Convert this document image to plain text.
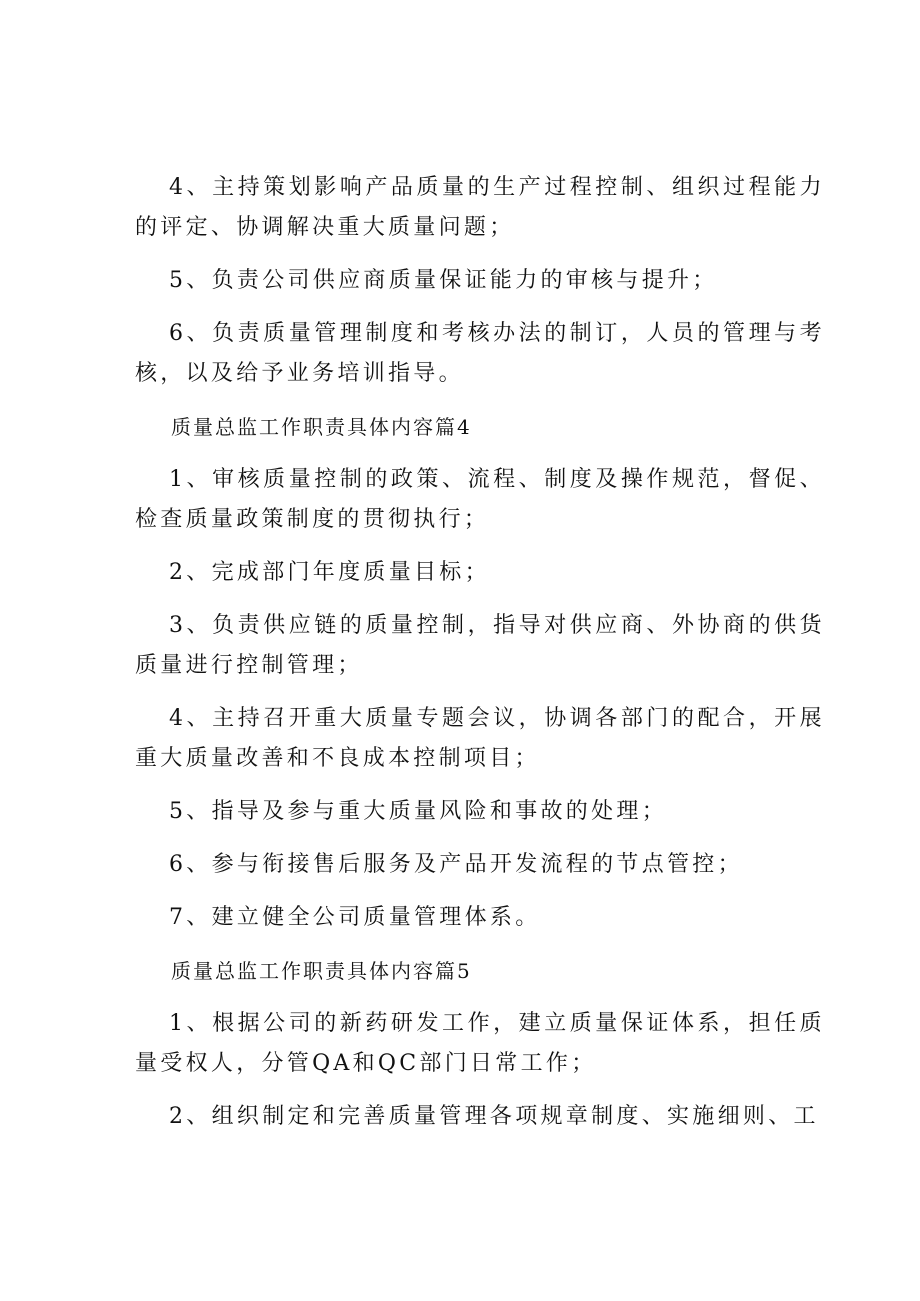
4、主持策划影响产品质量的生产过程控制、组织过程能力的评定、协调解决重大质量问题；

5、负责公司供应商质量保证能力的审核与提升；

6、负责质量管理制度和考核办法的制订，人员的管理与考核，以及给予业务培训指导。

质量总监工作职责具体内容篇4

1、审核质量控制的政策、流程、制度及操作规范，督促、检查质量政策制度的贯彻执行；

2、完成部门年度质量目标；

3、负责供应链的质量控制，指导对供应商、外协商的供货质量进行控制管理；

4、主持召开重大质量专题会议，协调各部门的配合，开展重大质量改善和不良成本控制项目；

5、指导及参与重大质量风险和事故的处理；

6、参与衔接售后服务及产品开发流程的节点管控；

7、建立健全公司质量管理体系。

质量总监工作职责具体内容篇5

1、根据公司的新药研发工作，建立质量保证体系，担任质量受权人，分管QA和QC部门日常工作；

2、组织制定和完善质量管理各项规章制度、实施细则、工
